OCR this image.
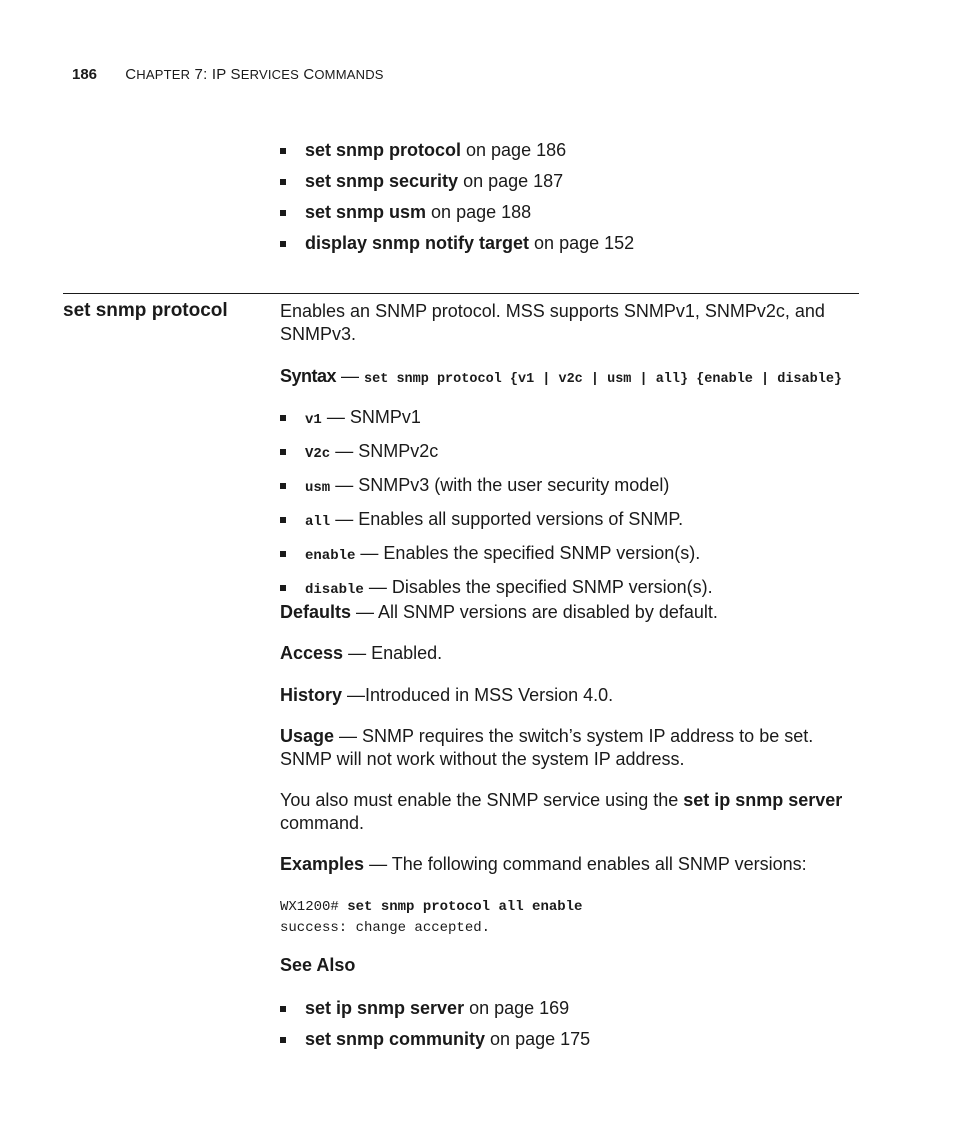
186 CHAPTER 7: IP SERVICES COMMANDS
set snmp protocol on page 186
set snmp security on page 187
set snmp usm on page 188
display snmp notify target on page 152
set snmp protocol	Enables an SNMP protocol. MSS supports SNMPv1, SNMPv2c, and SNMPv3.

Syntax — set snmp protocol {v1 | v2c | usm | all} {enable | disable}
v1 — SNMPv1
V2c — SNMPv2c
usm — SNMPv3 (with the user security model)
all — Enables all supported versions of SNMP.
enable — Enables the specified SNMP version(s).
disable — Disables the specified SNMP version(s).

Defaults — All SNMP versions are disabled by default.

Access — Enabled.

History —Introduced in MSS Version 4.0.

Usage — SNMP requires the switch’s system IP address to be set. SNMP will not work without the system IP address.

You also must enable the SNMP service using the set ip snmp server command.

Examples — The following command enables all SNMP versions:

WX1200# set snmp protocol all enable
success: change accepted.

See Also

set ip snmp server on page 169
set snmp community on page 175
